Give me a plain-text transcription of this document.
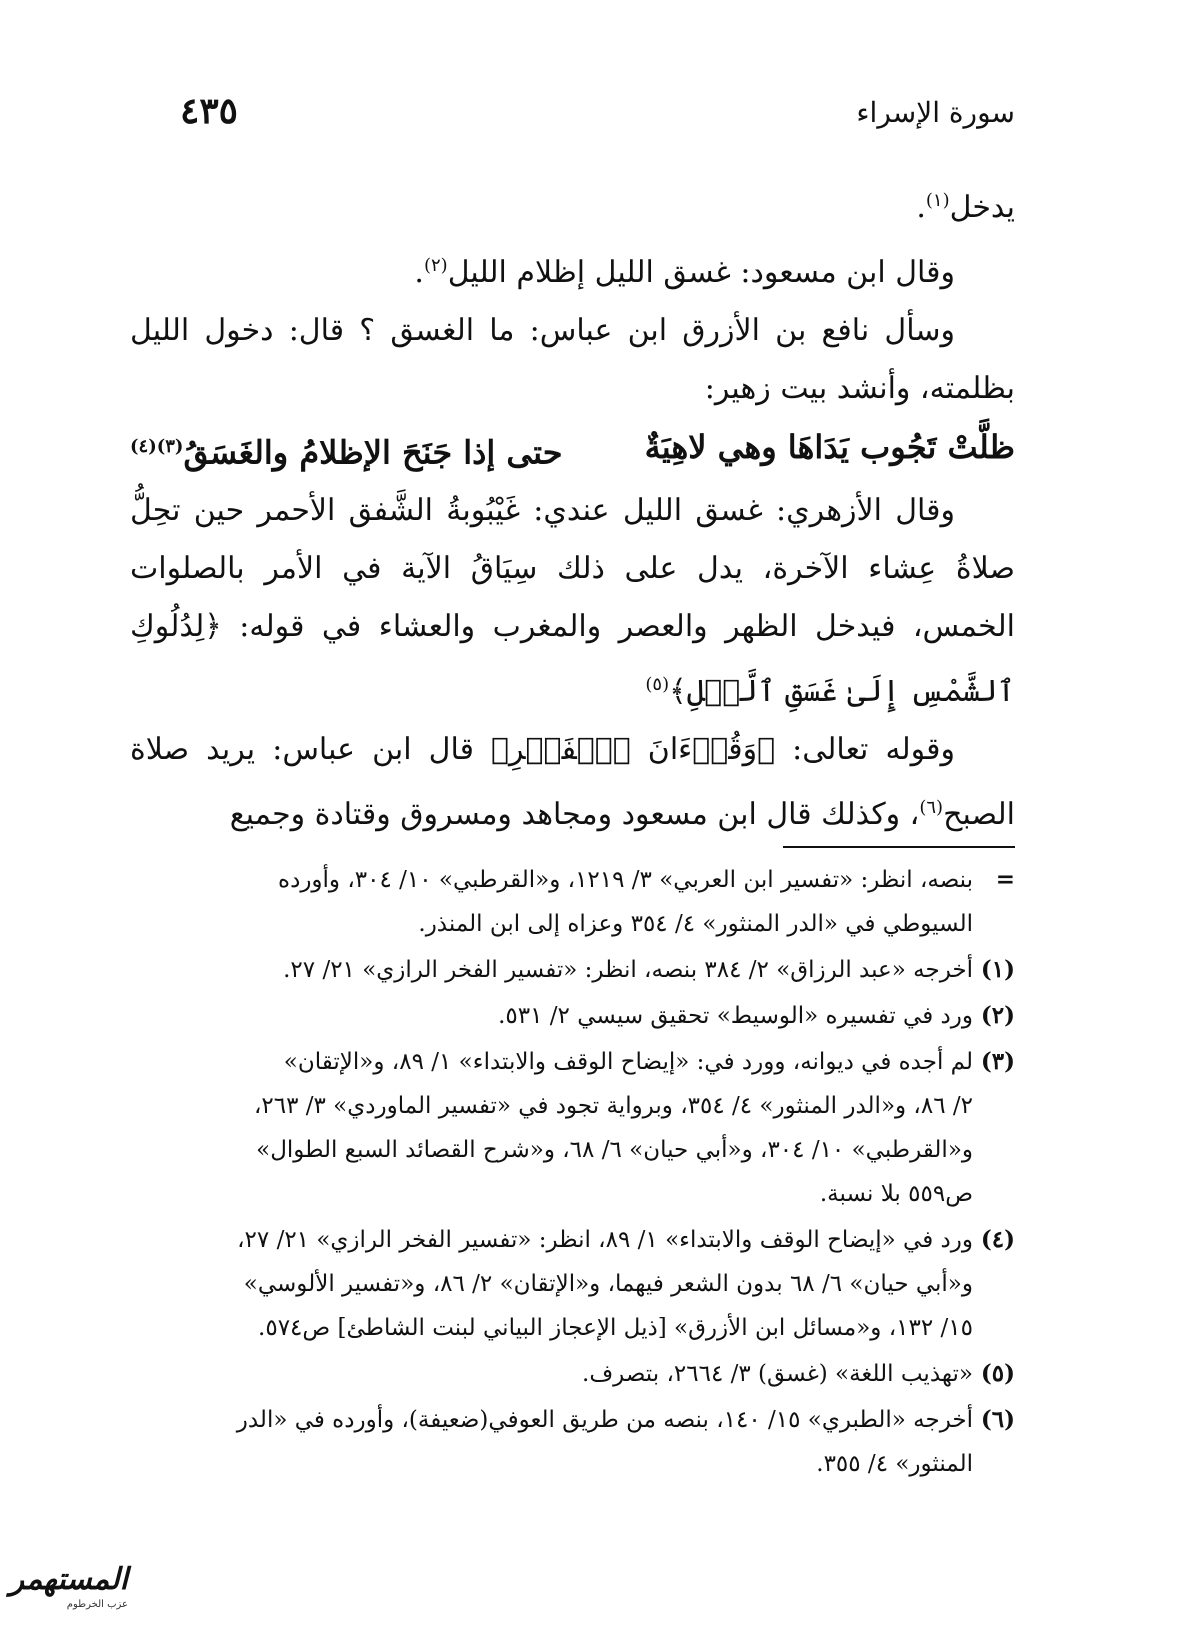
سورة الإسراء
٤٣٥
يدخل$^{(١)}$.
وقال ابن مسعود: غسق الليل إظلام الليل$^{(٢)}$.
وسأل نافع بن الأزرق ابن عباس: ما الغسق ؟ قال: دخول الليل
بظلمته، وأنشد بيت زهير:
ظلَّتْ تَجُوب يَدَاهَا وهي لاهِيَةٌ
حتى إذا جَنَحَ الإظلامُ والغَسَقُ$^{(٣)(٤)}$
وقال الأزهري: غسق الليل عندي: غَيْبُوبةُ الشَّفق الأحمر حين تحِلُّ
صلاةُ عِشاء الآخرة، يدل على ذلك سِيَاقُ الآية في الأمر بالصلوات
الخمس، فيدخل الظهر والعصر والمغرب والعشاء في قوله: ﴿لِدُلُوكِ
ٱلشَّمْسِ إِلَىٰ غَسَقِ ٱلَّيۡلِ﴾$^{(٥)}$
وقوله تعالى: ﴿وَقُرۡءَانَ ٱلۡفَجۡرِ﴾ قال ابن عباس: يريد صلاة
الصبح$^{(٦)}$، وكذلك قال ابن مسعود ومجاهد ومسروق وقتادة وجميع
=
بنصه، انظر: «تفسير ابن العربي» ٣/ ١٢١٩، و«القرطبي» ١٠/ ٣٠٤، وأورده
السيوطي في «الدر المنثور» ٤/ ٣٥٤ وعزاه إلى ابن المنذر.
(١)
أخرجه «عبد الرزاق» ٢/ ٣٨٤ بنصه، انظر: «تفسير الفخر الرازي» ٢١/ ٢٧.
(٢)
ورد في تفسيره «الوسيط» تحقيق سيسي ٢/ ٥٣١.
(٣)
لم أجده في ديوانه، وورد في: «إيضاح الوقف والابتداء» ١/ ٨٩، و«الإتقان»
٢/ ٨٦، و«الدر المنثور» ٤/ ٣٥٤، وبرواية تجود في «تفسير الماوردي» ٣/ ٢٦٣،
و«القرطبي» ١٠/ ٣٠٤، و«أبي حيان» ٦/ ٦٨، و«شرح القصائد السبع الطوال»
ص٥٥٩ بلا نسبة.
(٤)
ورد في «إيضاح الوقف والابتداء» ١/ ٨٩، انظر: «تفسير الفخر الرازي» ٢١/ ٢٧،
و«أبي حيان» ٦/ ٦٨ بدون الشعر فيهما، و«الإتقان» ٢/ ٨٦، و«تفسير الألوسي»
١٥/ ١٣٢، و«مسائل ابن الأزرق» [ذيل الإعجاز البياني لبنت الشاطئ] ص٥٧٤.
(٥)
«تهذيب اللغة» (غسق) ٣/ ٢٦٦٤، بتصرف.
(٦)
أخرجه «الطبري» ١٥/ ١٤٠، بنصه من طريق العوفي(ضعيفة)، وأورده في «الدر
المنثور» ٤/ ٣٥٥.
المستهمر
عزب الخرطوم
